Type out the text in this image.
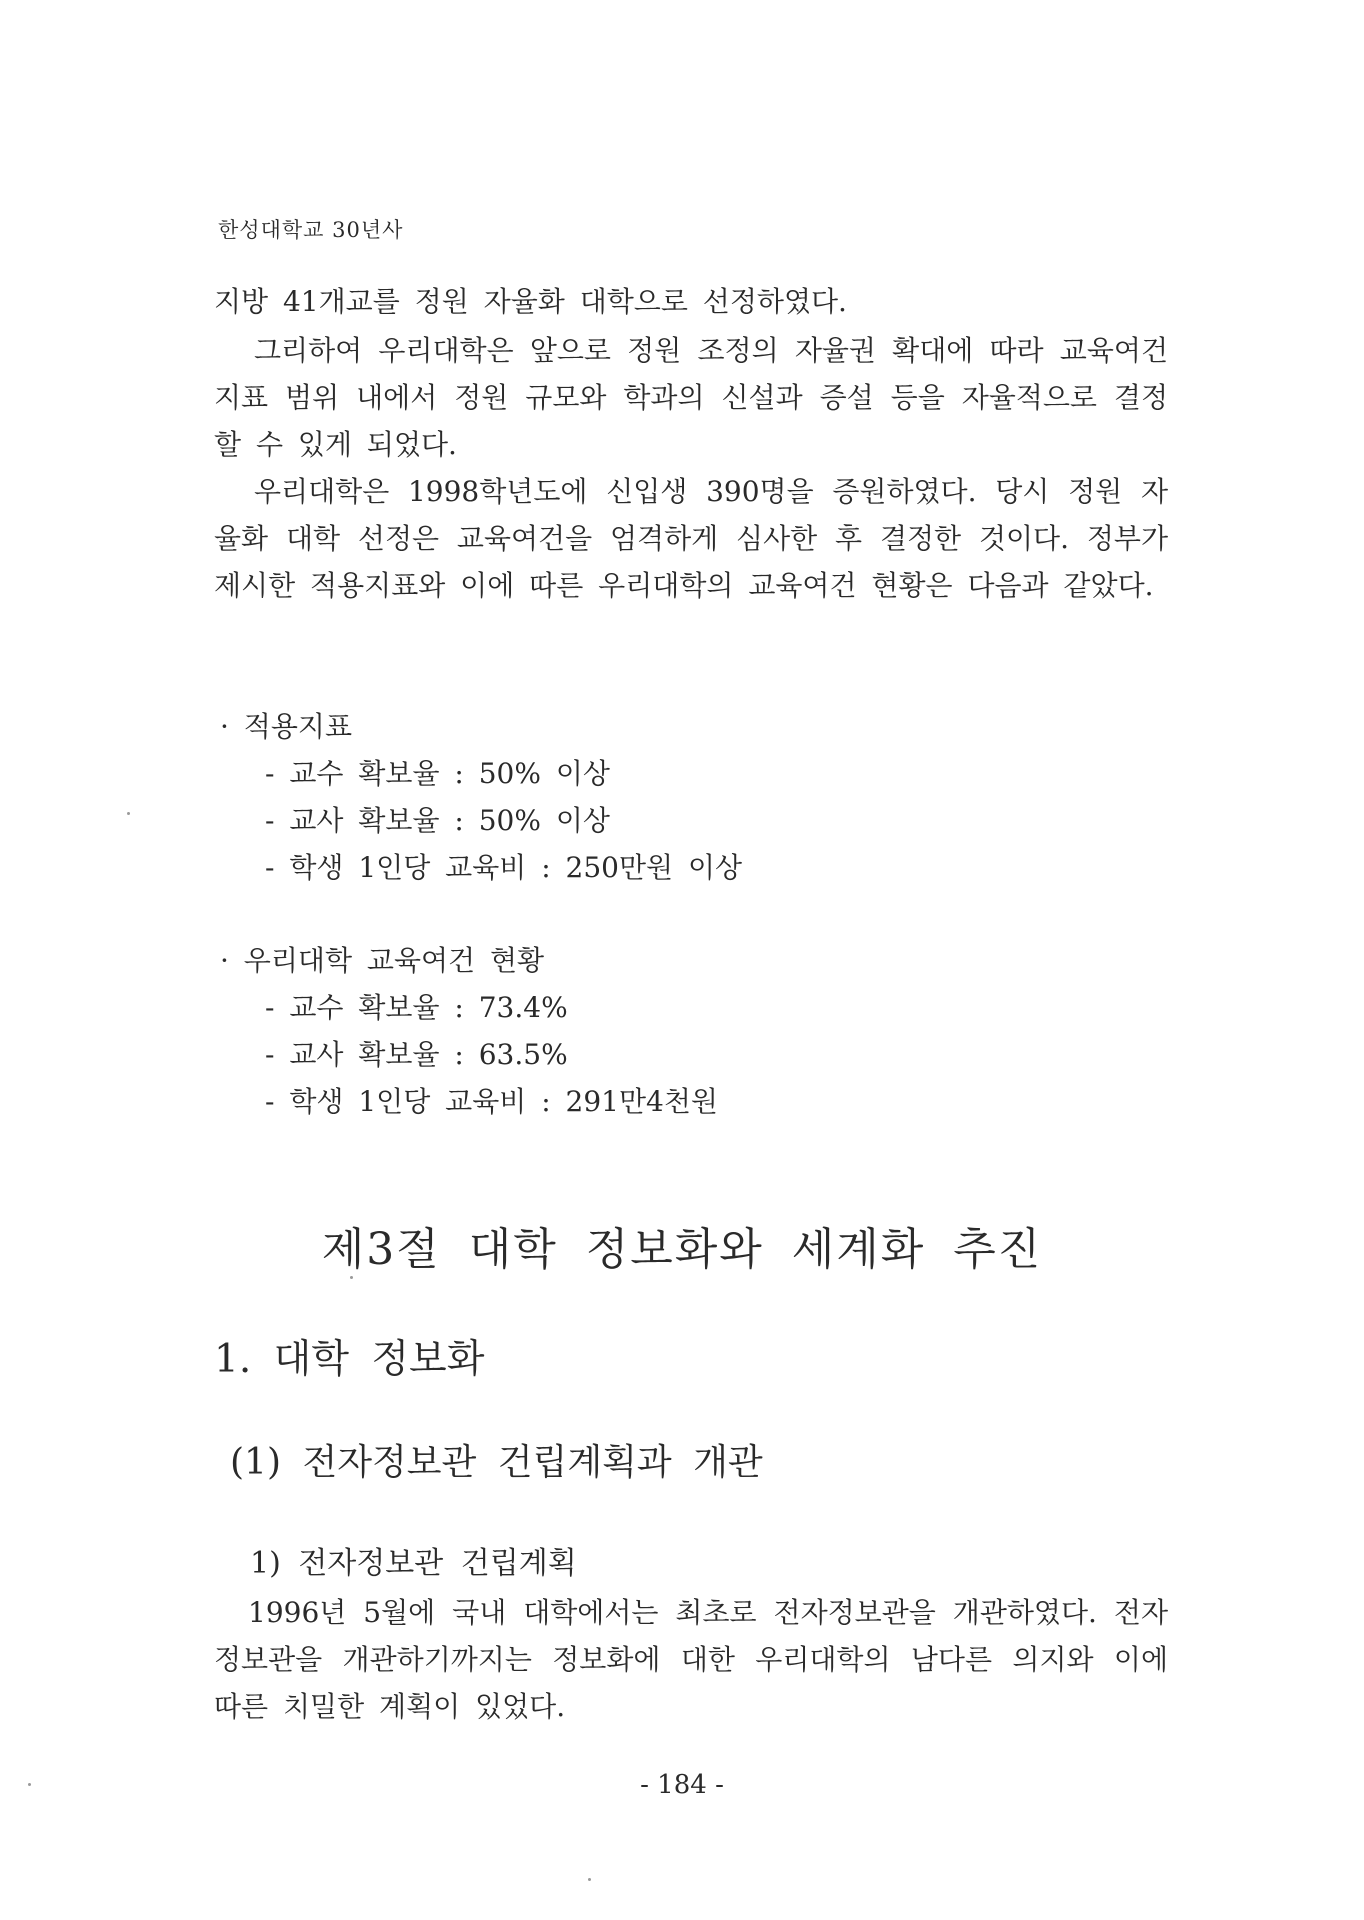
한성대학교 30년사

지방 41개교를 정원 자율화 대학으로 선정하였다.

그리하여 우리대학은 앞으로 정원 조정의 자율권 확대에 따라 교육여건 지표 범위 내에서 정원 규모와 학과의 신설과 증설 등을 자율적으로 결정할 수 있게 되었다.

우리대학은 1998학년도에 신입생 390명을 증원하였다. 당시 정원 자율화 대학 선정은 교육여건을 엄격하게 심사한 후 결정한 것이다. 정부가 제시한 적용지표와 이에 따른 우리대학의 교육여건 현황은 다음과 같았다.

· 적용지표
- 교수 확보율 : 50% 이상
- 교사 확보율 : 50% 이상
- 학생 1인당 교육비 : 250만원 이상
· 우리대학 교육여건 현황
- 교수 확보율 : 73.4%
- 교사 확보율 : 63.5%
- 학생 1인당 교육비 : 291만4천원
제3절 대학 정보화와 세계화 추진
1. 대학 정보화
(1) 전자정보관 건립계획과 개관
1) 전자정보관 건립계획

1996년 5월에 국내 대학에서는 최초로 전자정보관을 개관하였다. 전자정보관을 개관하기까지는 정보화에 대한 우리대학의 남다른 의지와 이에 따른 치밀한 계획이 있었다.

- 184 -
